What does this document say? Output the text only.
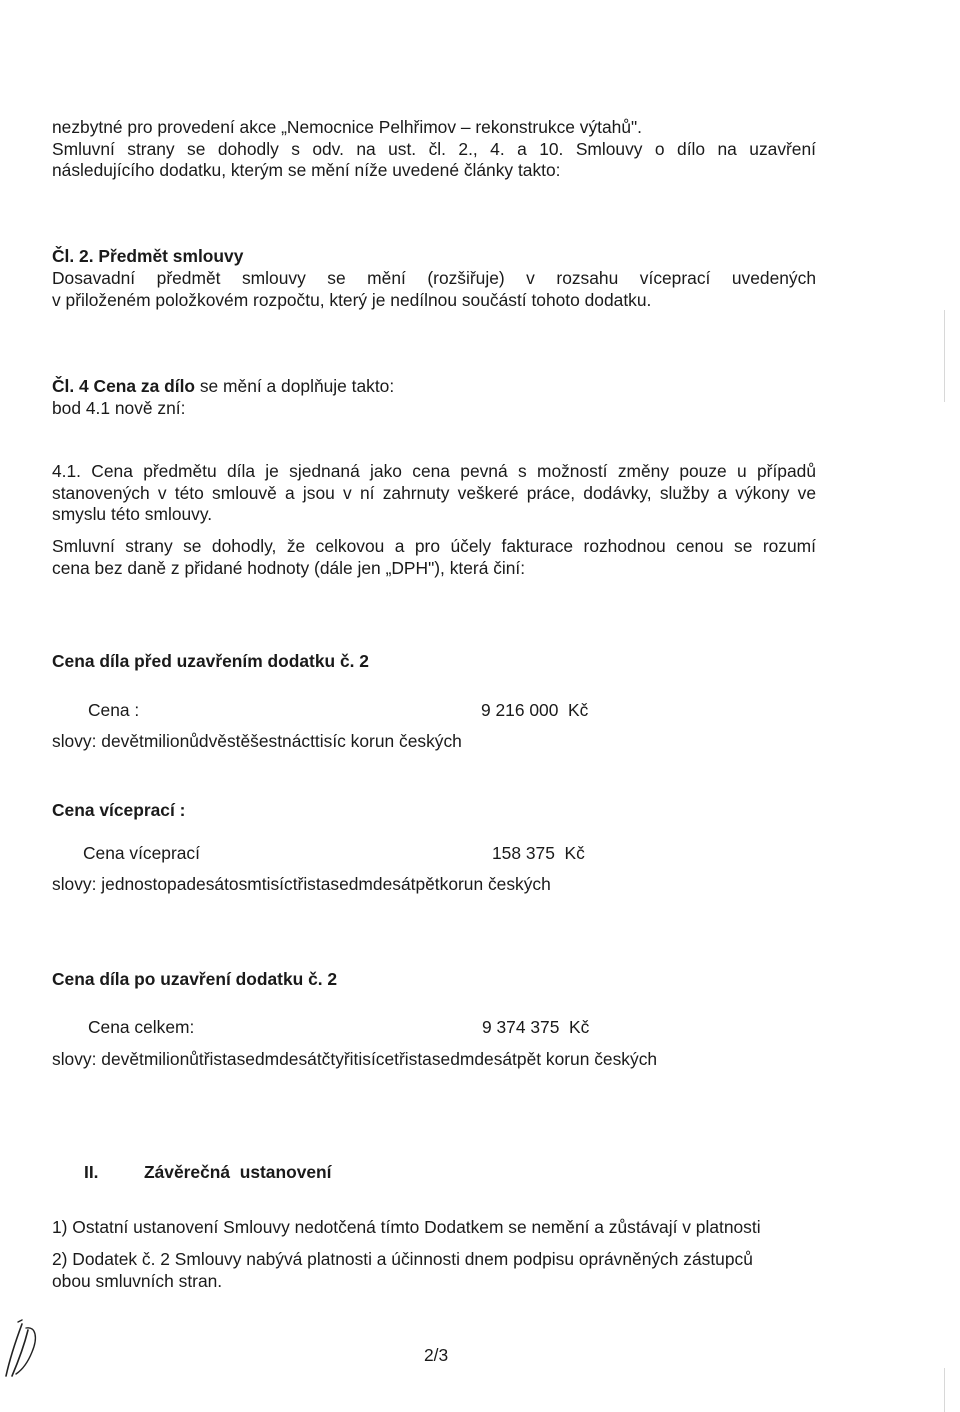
nezbytné pro provedení akce „Nemocnice Pelhřimov – rekonstrukce výtahů".
Smluvní strany se dohodly s odv. na ust. čl. 2., 4. a 10. Smlouvy o dílo na uzavření
následujícího dodatku, kterým se mění níže uvedené články takto:
Čl. 2. Předmět smlouvy
Dosavadní předmět smlouvy se mění (rozšiřuje) v rozsahu víceprací uvedených
v přiloženém položkovém rozpočtu, který je nedílnou součástí tohoto dodatku.
Čl. 4 Cena za dílo se mění a doplňuje takto:
bod 4.1 nově zní:
4.1. Cena předmětu díla je sjednaná jako cena pevná s možností změny pouze u případů
stanovených v této smlouvě a jsou v ní zahrnuty veškeré práce, dodávky, služby a výkony ve
smyslu této smlouvy.
Smluvní strany se dohodly, že celkovou a pro účely fakturace rozhodnou cenou se rozumí
cena bez daně z přidané hodnoty (dále jen „DPH"), která činí:
Cena díla před uzavřením dodatku č. 2
Cena :	9 216 000  Kč
slovy: devětmilionůdvěstěšestnácttisíc korun českých
Cena víceprací :
Cena víceprací	158 375  Kč
slovy: jednostopadesátosmtisíctřistasedmdesátpětkorun českých
Cena díla po uzavření dodatku č. 2
Cena celkem:	9 374 375  Kč
slovy: devětmilionůtřistasedmdesátčtyřitisícetřistasedmdesátpět korun českých
II.	Závěrečná  ustanovení
1) Ostatní ustanovení Smlouvy nedotčená tímto Dodatkem se nemění a zůstávají v platnosti
2) Dodatek č. 2 Smlouvy nabývá platnosti a účinnosti dnem podpisu oprávněných zástupců
obou smluvních stran.
2/3
